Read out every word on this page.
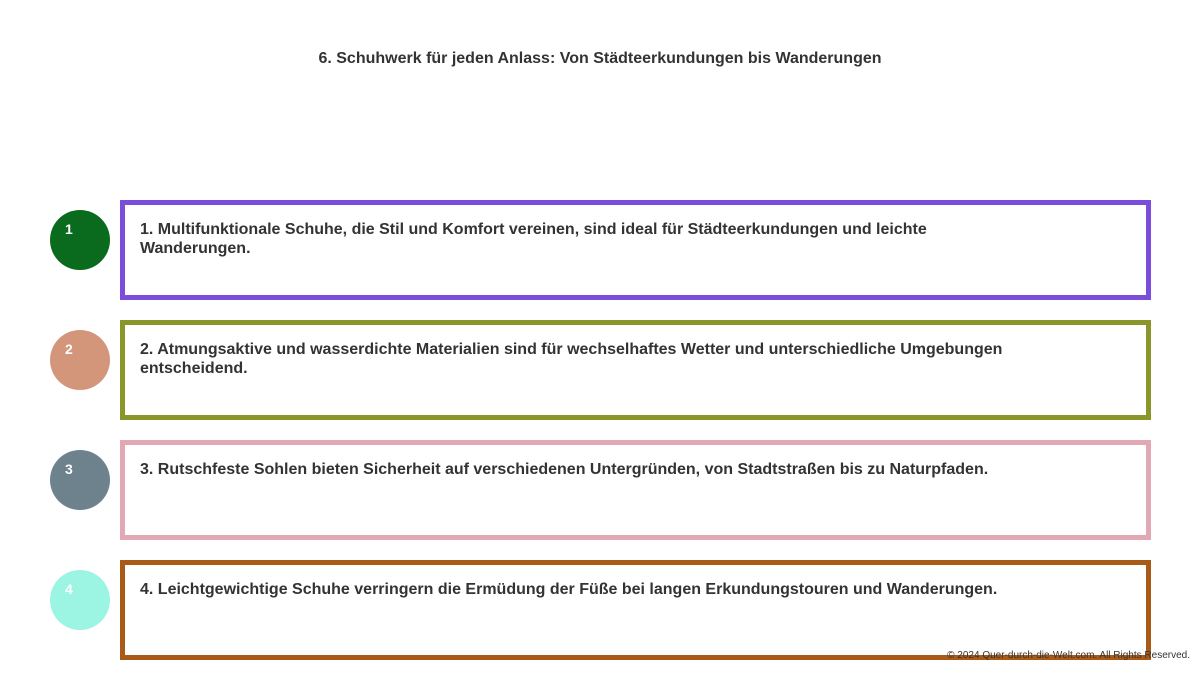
6. Schuhwerk für jeden Anlass: Von Städteerkundungen bis Wanderungen
1	1. Multifunktionale Schuhe, die Stil und Komfort vereinen, sind ideal für Städteerkundungen und leichte Wanderungen.
2	2. Atmungsaktive und wasserdichte Materialien sind für wechselhaftes Wetter und unterschiedliche Umgebungen entscheidend.
3	3. Rutschfeste Sohlen bieten Sicherheit auf verschiedenen Untergründen, von Stadtstraßen bis zu Naturpfaden.
4	4. Leichtgewichtige Schuhe verringern die Ermüdung der Füße bei langen Erkundungstouren und Wanderungen.
© 2024 Quer-durch-die-Welt.com. All Rights Reserved.
